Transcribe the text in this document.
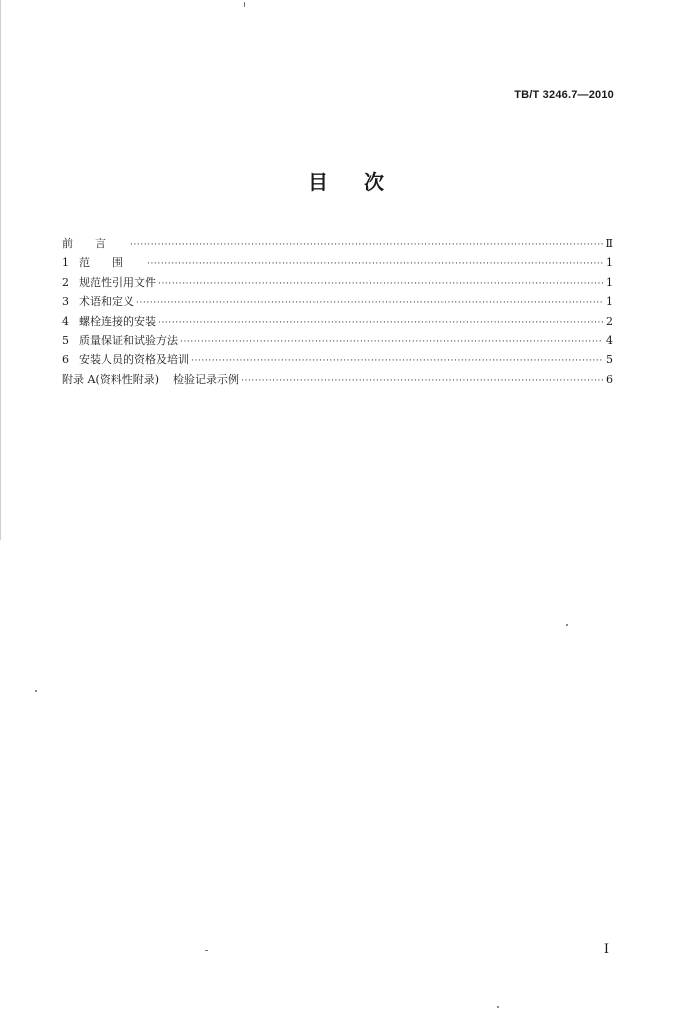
TB/T 3246.7—2010
目 次
前言 ·····	Ⅱ
1 范围 ·····	1
2 规范性引用文件 ·····	1
3 术语和定义 ·····	1
4 螺栓连接的安装 ·····	2
5 质量保证和试验方法 ·····	4
6 安装人员的资格及培训 ·····	5
附录 A(资料性附录) 检验记录示例 ·····	6
I
